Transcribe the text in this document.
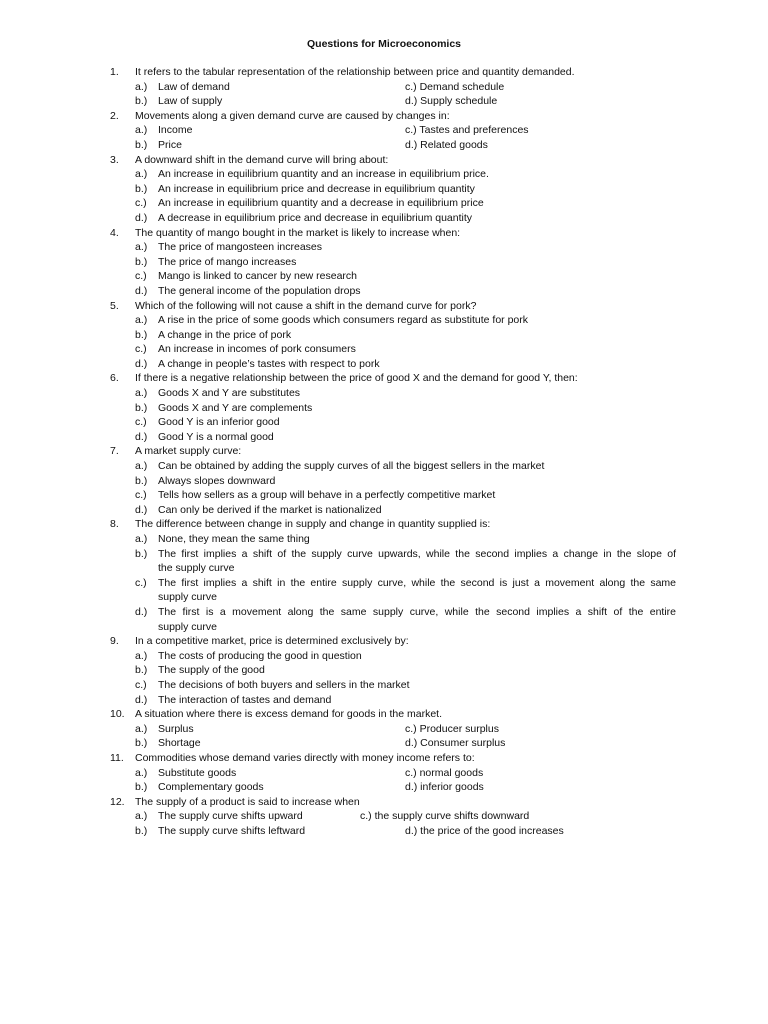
Questions for Microeconomics
1.	It refers to the tabular representation of the relationship between price and quantity demanded.
a.) Law of demand	c.) Demand schedule
b.) Law of supply	d.) Supply schedule
2.	Movements along a given demand curve are caused by changes in:
a.) Income	c.) Tastes and preferences
b.) Price	d.) Related goods
3.	A downward shift in the demand curve will bring about:
a.) An increase in equilibrium quantity and an increase in equilibrium price.
b.) An increase in equilibrium price and decrease in equilibrium quantity
c.) An increase in equilibrium quantity and a decrease in equilibrium price
d.) A decrease in equilibrium price and decrease in equilibrium quantity
4.	The quantity of mango bought in the market is likely to increase when:
a.) The price of mangosteen increases
b.) The price of mango increases
c.) Mango is linked to cancer by new research
d.) The general income of the population drops
5.	Which of the following will not cause a shift in the demand curve for pork?
a.) A rise in the price of some goods which consumers regard as substitute for pork
b.) A change in the price of pork
c.) An increase in incomes of pork consumers
d.) A change in people’s tastes with respect to pork
6.	If there is a negative relationship between the price of good X and the demand for good Y, then:
a.) Goods X and Y are substitutes
b.) Goods X and Y are complements
c.) Good Y is an inferior good
d.) Good Y is a normal good
7.	A market supply curve:
a.) Can be obtained by adding the supply curves of all the biggest sellers in the market
b.) Always slopes downward
c.) Tells how sellers as a group will behave in a perfectly competitive market
d.) Can only be derived if the market is nationalized
8.	The difference between change in supply and change in quantity supplied is:
a.) None, they mean the same thing
b.) The first implies a shift of the supply curve upwards, while the second implies a change in the slope of
the supply curve
c.) The first implies a shift in the entire supply curve, while the second is just a movement along the same
supply curve
d.) The first is a movement along the same supply curve, while the second implies a shift of the entire
supply curve
9.	In a competitive market, price is determined exclusively by:
a.) The costs of producing the good in question
b.) The supply of the good
c.) The decisions of both buyers and sellers in the market
d.) The interaction of tastes and demand
10. A situation where there is excess demand for goods in the market.
a.) Surplus	c.) Producer surplus
b.) Shortage	d.) Consumer surplus
11.	Commodities whose demand varies directly with money income refers to:
a.) Substitute goods	c.) normal goods
b.) Complementary goods	d.) inferior goods
12. The supply of a product is said to increase when
a.) The supply curve shifts upward	c.) the supply curve shifts downward
b.) The supply curve shifts leftward	d.) the price of the good increases
